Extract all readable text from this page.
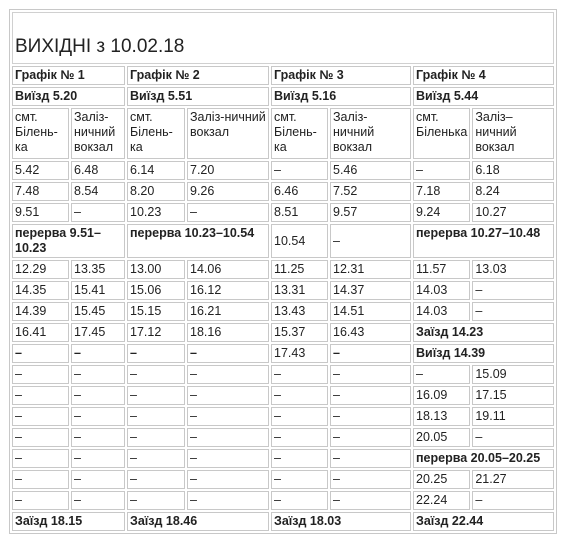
ВИХІДНІ з 10.02.18							
Графік № 1		Графік № 2		Графік № 3		Графік № 4	
Виїзд 5.20		Виїзд 5.51		Виїзд 5.16		Виїзд 5.44	
смт. Білень-ка	Заліз-ничний вокзал	смт. Білень-ка	Заліз-ничний вокзал	смт. Білень-ка	Заліз-ничний вокзал	смт. Біленька	Заліз–ничний вокзал
5.42	6.48	6.14	7.20	–	5.46	–	6.18
7.48	8.54	8.20	9.26	6.46	7.52	7.18	8.24
9.51	–	10.23	–	8.51	9.57	9.24	10.27
перерва 9.51–10.23		перерва 10.23–10.54		10.54	–	перерва 10.27–10.48	
12.29	13.35	13.00	14.06	11.25	12.31	11.57	13.03
14.35	15.41	15.06	16.12	13.31	14.37	14.03	–
14.39	15.45	15.15	16.21	13.43	14.51	14.03	–
16.41	17.45	17.12	18.16	15.37	16.43	Заїзд 14.23	
–	–	–	–	17.43	–	Виїзд 14.39	
–	–	–	–	–	–	–	15.09
–	–	–	–	–	–	16.09	17.15
–	–	–	–	–	–	18.13	19.11
–	–	–	–	–	–	20.05	–
–	–	–	–	–	–	перерва 20.05–20.25	
–	–	–	–	–	–	20.25	21.27
–	–	–	–	–	–	22.24	–
Заїзд 18.15		Заїзд 18.46		Заїзд 18.03		Заїзд 22.44	
